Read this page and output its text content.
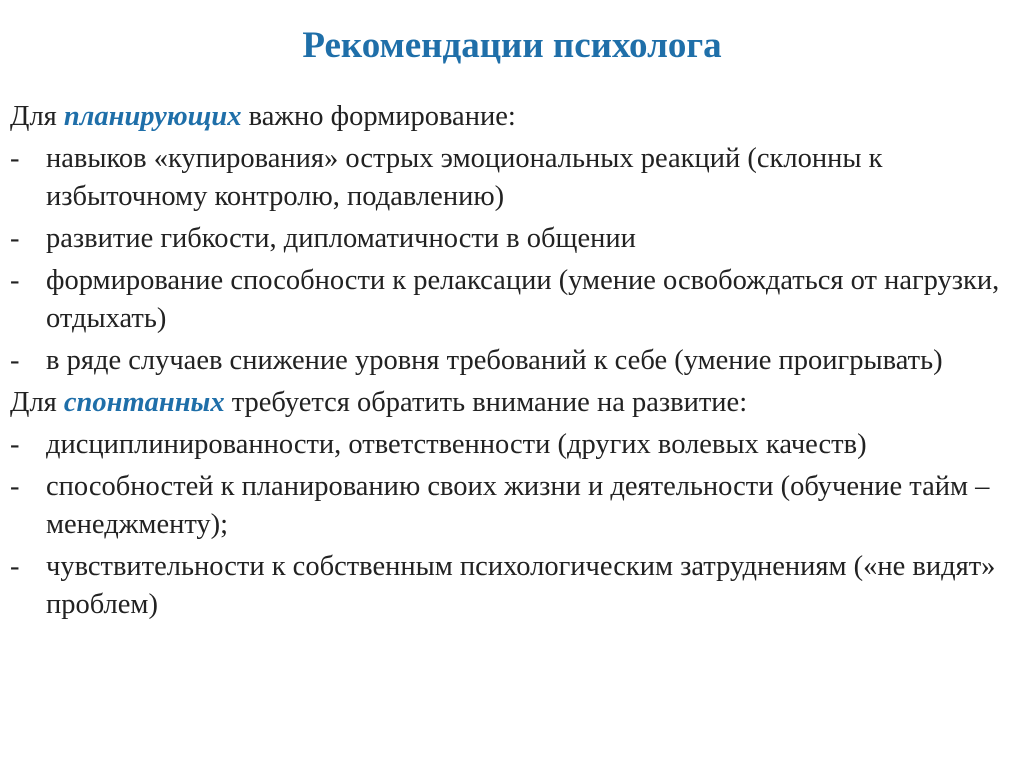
Рекомендации психолога

Для планирующих важно формирование:

- навыков «купирования» острых эмоциональных реакций (склонны к избыточному контролю, подавлению)
- развитие гибкости, дипломатичности в общении
- формирование способности к релаксации (умение освобождаться от нагрузки, отдыхать)
- в ряде случаев снижение уровня требований к себе (умение проигрывать)

Для спонтанных требуется обратить внимание на развитие:

- дисциплинированности, ответственности (других волевых качеств)
- способностей к планированию своих жизни и деятельности (обучение тайм – менеджменту);
- чувствительности к собственным психологическим затруднениям («не видят» проблем)
